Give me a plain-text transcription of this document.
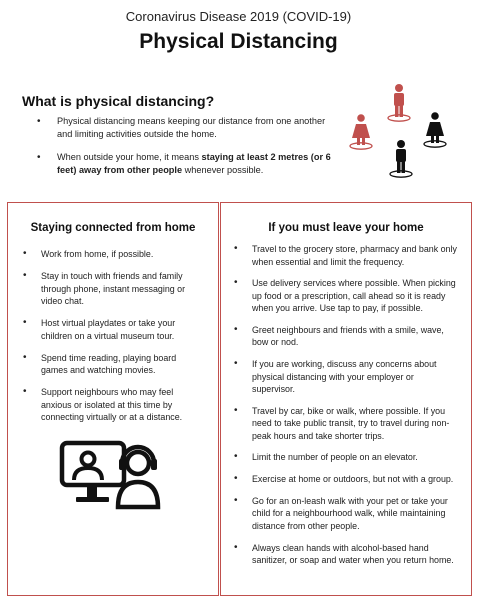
Coronavirus Disease 2019 (COVID-19)
Physical Distancing
What is physical distancing?
• Physical distancing means keeping our distance from one another and limiting activities outside the home.
• When outside your home, it means staying at least 2 metres (or 6 feet) away from other people whenever possible.
Staying connected from home
• Work from home, if possible.
• Stay in touch with friends and family through phone, instant messaging or video chat.
• Host virtual playdates or take your children on a virtual museum tour.
• Spend time reading, playing board games and watching movies.
• Support neighbours who may feel anxious or isolated at this time by connecting virtually or at a distance.
If you must leave your home
• Travel to the grocery store, pharmacy and bank only when essential and limit the frequency.
• Use delivery services where possible. When picking up food or a prescription, call ahead so it is ready when you arrive. Use tap to pay, if possible.
• Greet neighbours and friends with a smile, wave, bow or nod.
• If you are working, discuss any concerns about physical distancing with your employer or supervisor.
• Travel by car, bike or walk, where possible. If you need to take public transit, try to travel during non-peak hours and take shorter trips.
• Limit the number of people on an elevator.
• Exercise at home or outdoors, but not with a group.
• Go for an on-leash walk with your pet or take your child for a neighbourhood walk, while maintaining distance from other people.
• Always clean hands with alcohol-based hand sanitizer, or soap and water when you return home.
